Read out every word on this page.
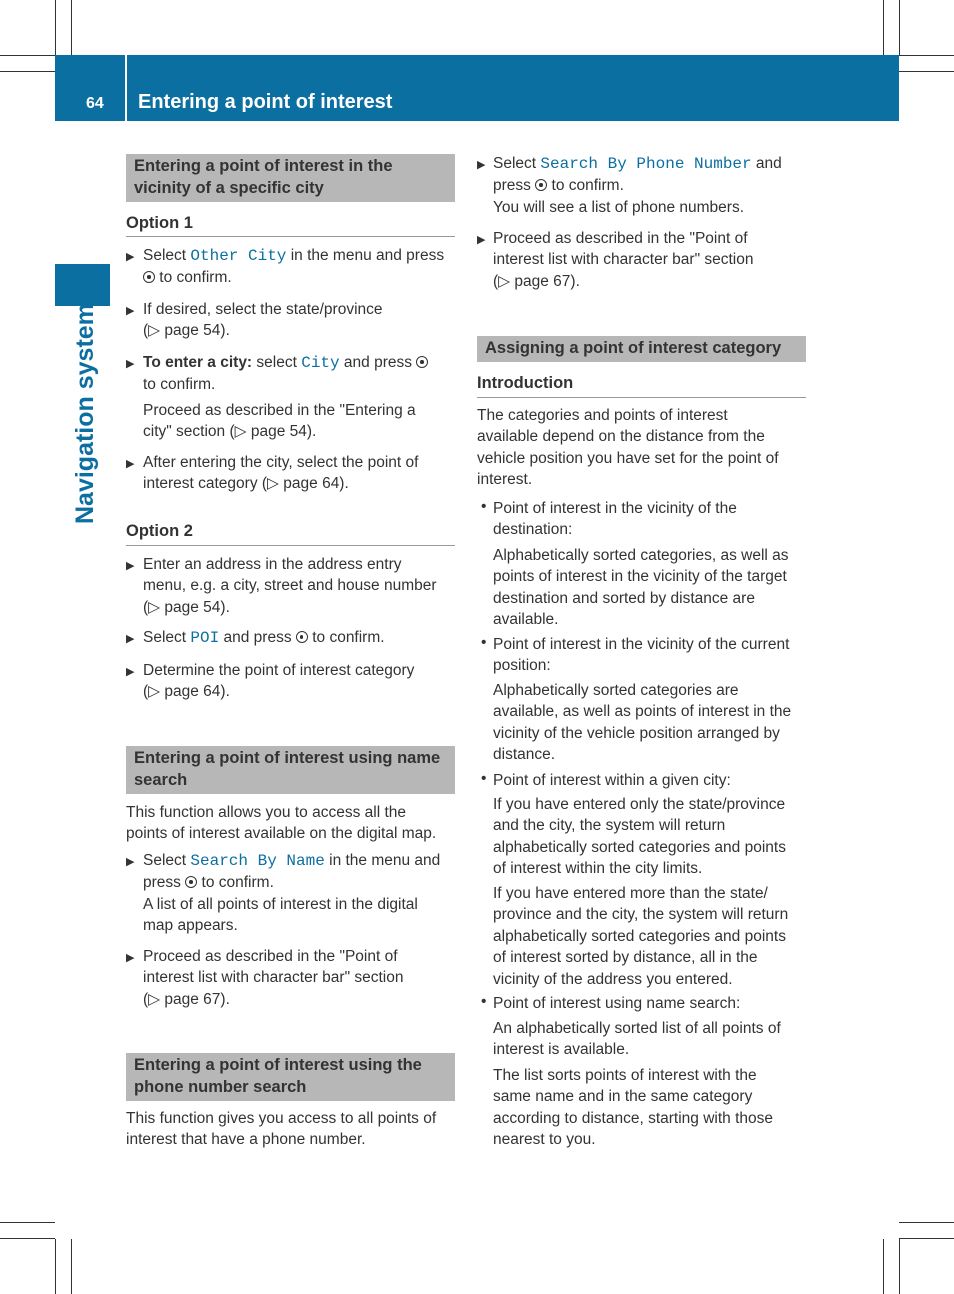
64 Entering a point of interest
Navigation system
Entering a point of interest in the vicinity of a specific city
Option 1
▶ Select Other City in the menu and press
to confirm.
▶ If desired, select the state/province
(▷ page 54).
▶ To enter a city: select City and press
to confirm.
Proceed as described in the "Entering a
city" section (▷ page 54).
▶ After entering the city, select the point of
interest category (▷ page 64).
Option 2
▶ Enter an address in the address entry
menu, e.g. a city, street and house number
(▷ page 54).
▶ Select POI and press  to confirm.
▶ Determine the point of interest category
(▷ page 64).
Entering a point of interest using name search
This function allows you to access all the
points of interest available on the digital map.
▶ Select Search By Name in the menu and
press  to confirm.
A list of all points of interest in the digital
map appears.
▶ Proceed as described in the "Point of
interest list with character bar" section
(▷ page 67).
Entering a point of interest using the phone number search
This function gives you access to all points of
interest that have a phone number.
▶ Select Search By Phone Number and
press  to confirm.
You will see a list of phone numbers.
▶ Proceed as described in the "Point of
interest list with character bar" section
(▷ page 67).
Assigning a point of interest category
Introduction
The categories and points of interest
available depend on the distance from the
vehicle position you have set for the point of
interest.
• Point of interest in the vicinity of the
destination:
Alphabetically sorted categories, as well as
points of interest in the vicinity of the target
destination and sorted by distance are
available.
• Point of interest in the vicinity of the current
position:
Alphabetically sorted categories are
available, as well as points of interest in the
vicinity of the vehicle position arranged by
distance.
• Point of interest within a given city:
If you have entered only the state/province
and the city, the system will return
alphabetically sorted categories and points
of interest within the city limits.
If you have entered more than the state/
province and the city, the system will return
alphabetically sorted categories and points
of interest sorted by distance, all in the
vicinity of the address you entered.
• Point of interest using name search:
An alphabetically sorted list of all points of
interest is available.
The list sorts points of interest with the
same name and in the same category
according to distance, starting with those
nearest to you.
